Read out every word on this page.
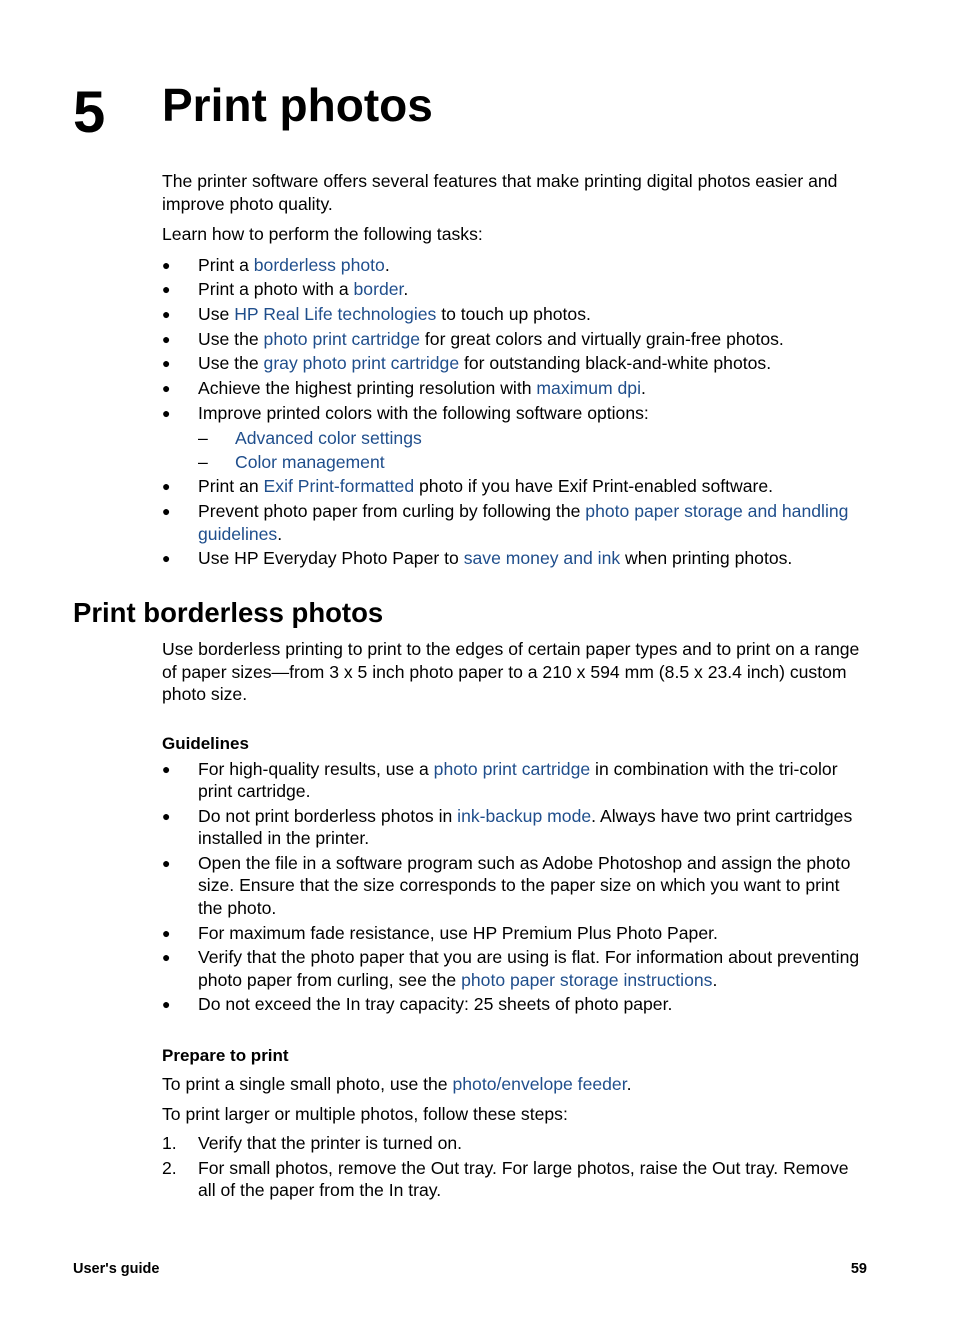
5 Print photos

The printer software offers several features that make printing digital photos easier and improve photo quality.

Learn how to perform the following tasks:

● Print a borderless photo.
● Print a photo with a border.
● Use HP Real Life technologies to touch up photos.
● Use the photo print cartridge for great colors and virtually grain-free photos.
● Use the gray photo print cartridge for outstanding black-and-white photos.
● Achieve the highest printing resolution with maximum dpi.
● Improve printed colors with the following software options:
– Advanced color settings
– Color management
● Print an Exif Print-formatted photo if you have Exif Print-enabled software.
● Prevent photo paper from curling by following the photo paper storage and handling guidelines.
● Use HP Everyday Photo Paper to save money and ink when printing photos.
Print borderless photos

Use borderless printing to print to the edges of certain paper types and to print on a range of paper sizes—from 3 x 5 inch photo paper to a 210 x 594 mm (8.5 x 23.4 inch) custom photo size.

Guidelines
● For high-quality results, use a photo print cartridge in combination with the tri-color print cartridge.
● Do not print borderless photos in ink-backup mode. Always have two print cartridges installed in the printer.
● Open the file in a software program such as Adobe Photoshop and assign the photo size. Ensure that the size corresponds to the paper size on which you want to print the photo.
● For maximum fade resistance, use HP Premium Plus Photo Paper.
● Verify that the photo paper that you are using is flat. For information about preventing photo paper from curling, see the photo paper storage instructions.
● Do not exceed the In tray capacity: 25 sheets of photo paper.
Prepare to print

To print a single small photo, use the photo/envelope feeder.

To print larger or multiple photos, follow these steps:

1. Verify that the printer is turned on.
2. For small photos, remove the Out tray. For large photos, raise the Out tray. Remove all of the paper from the In tray.
User's guide	59
